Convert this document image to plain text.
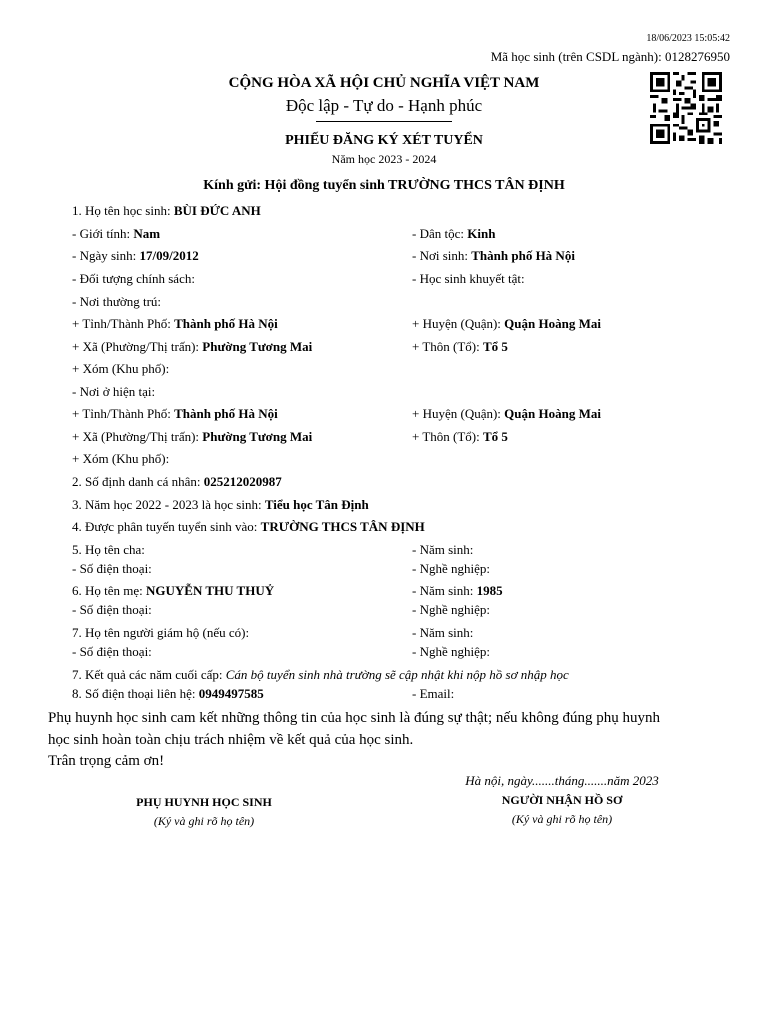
18/06/2023 15:05:42
Mã học sinh (trên CSDL ngành): 0128276950
CỘNG HÒA XÃ HỘI CHỦ NGHĨA VIỆT NAM
Độc lập - Tự do - Hạnh phúc
PHIẾU ĐĂNG KÝ XÉT TUYỂN
Năm học 2023 - 2024
Kính gửi: Hội đồng tuyển sinh TRƯỜNG THCS TÂN ĐỊNH
1. Họ tên học sinh: BÙI ĐỨC ANH
- Giới tính: Nam	- Dân tộc: Kinh
- Ngày sinh: 17/09/2012	- Nơi sinh: Thành phố Hà Nội
- Đối tượng chính sách:	- Học sinh khuyết tật:
- Nơi thường trú:
+ Tỉnh/Thành Phố: Thành phố Hà Nội	+ Huyện (Quận): Quận Hoàng Mai
+ Xã (Phường/Thị trấn): Phường Tương Mai	+ Thôn (Tổ): Tổ 5
+ Xóm (Khu phố):
- Nơi ở hiện tại:
+ Tỉnh/Thành Phố: Thành phố Hà Nội	+ Huyện (Quận): Quận Hoàng Mai
+ Xã (Phường/Thị trấn): Phường Tương Mai	+ Thôn (Tổ): Tổ 5
+ Xóm (Khu phố):
2. Số định danh cá nhân: 025212020987
3. Năm học 2022 - 2023 là học sinh: Tiểu học Tân Định
4. Được phân tuyến tuyển sinh vào: TRƯỜNG THCS TÂN ĐỊNH
5. Họ tên cha:	- Năm sinh:
- Số điện thoại:	- Nghề nghiệp:
6. Họ tên mẹ: NGUYỄN THU THUỶ	- Năm sinh: 1985
- Số điện thoại:	- Nghề nghiệp:
7. Họ tên người giám hộ (nếu có):	- Năm sinh:
- Số điện thoại:	- Nghề nghiệp:
7. Kết quả các năm cuối cấp: Cán bộ tuyển sinh nhà trường sẽ cập nhật khi nộp hồ sơ nhập học
8. Số điện thoại liên hệ: 0949497585	- Email:
Phụ huynh học sinh cam kết những thông tin của học sinh là đúng sự thật; nếu không đúng phụ huynh
học sinh hoàn toàn chịu trách nhiệm về kết quả của học sinh.
Trân trọng cảm ơn!
Hà nội, ngày.......tháng.......năm 2023
PHỤ HUYNH HỌC SINH
(Ký và ghi rõ họ tên)
NGƯỜI NHẬN HỒ SƠ
(Ký và ghi rõ họ tên)
